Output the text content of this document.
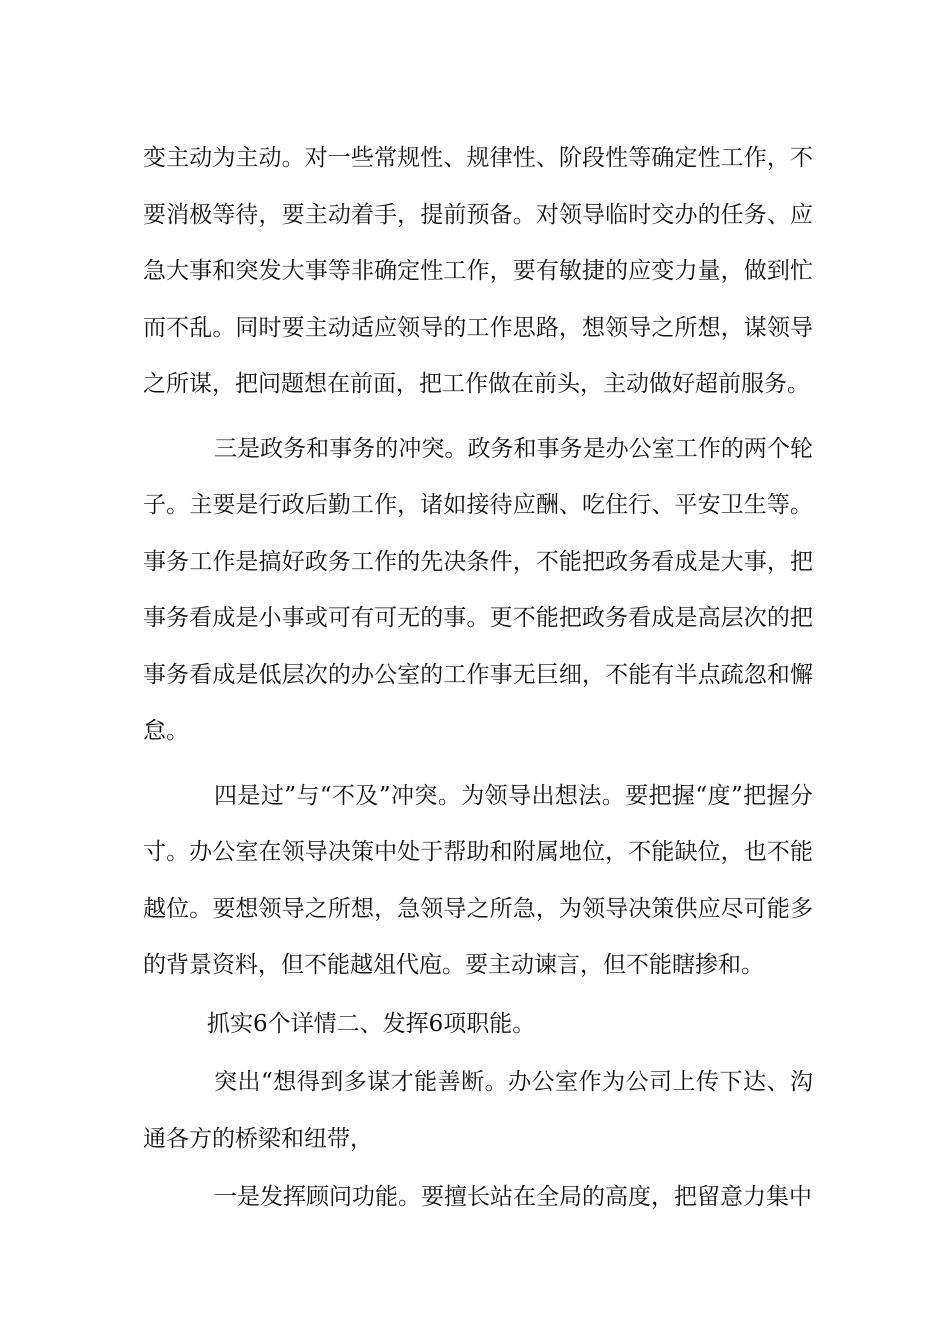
变主动为主动。对一些常规性、规律性、阶段性等确定性工作，不要消极等待，要主动着手，提前预备。对领导临时交办的任务、应急大事和突发大事等非确定性工作，要有敏捷的应变力量，做到忙而不乱。同时要主动适应领导的工作思路，想领导之所想，谋领导之所谋，把问题想在前面，把工作做在前头，主动做好超前服务。

三是政务和事务的冲突。政务和事务是办公室工作的两个轮子。主要是行政后勤工作，诸如接待应酬、吃住行、平安卫生等。事务工作是搞好政务工作的先决条件，不能把政务看成是大事，把事务看成是小事或可有可无的事。更不能把政务看成是高层次的把事务看成是低层次的办公室的工作事无巨细，不能有半点疏忽和懈怠。

四是过”与“不及”冲突。为领导出想法。要把握“度”把握分寸。办公室在领导决策中处于帮助和附属地位，不能缺位，也不能越位。要想领导之所想，急领导之所急，为领导决策供应尽可能多的背景资料，但不能越俎代庖。要主动谏言，但不能瞎掺和。

抓实6个详情二、发挥6项职能。

突出“想得到多谋才能善断。办公室作为公司上传下达、沟通各方的桥梁和纽带，

一是发挥顾问功能。要擅长站在全局的高度，把留意力集中
